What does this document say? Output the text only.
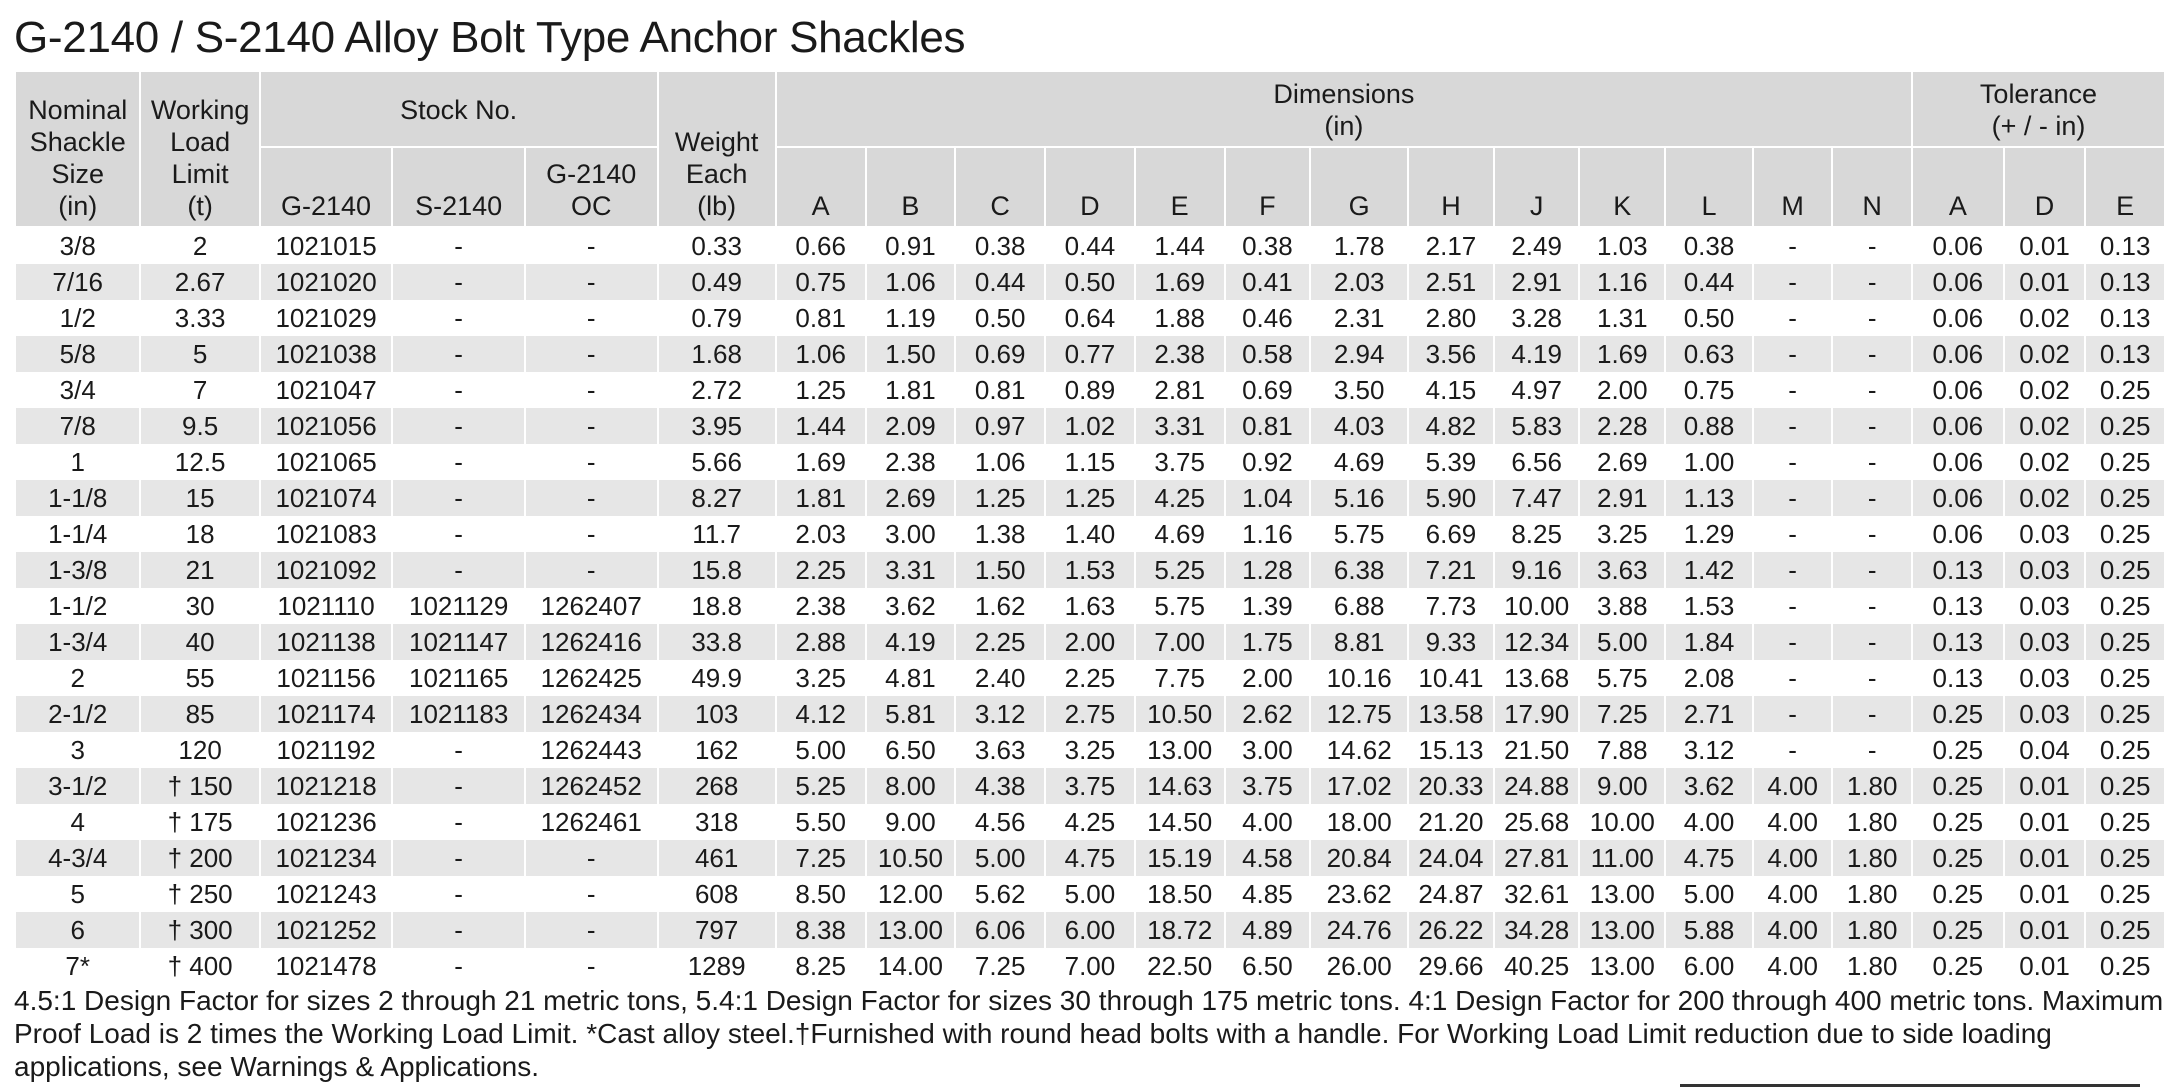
G-2140 / S-2140 Alloy Bolt Type Anchor Shackles
Nominal
Shackle
Size
(in)	Working
Load
Limit
(t)	Stock No.			Weight
Each
(lb)	Dimensions
(in)													Tolerance
(+ / - in)		
		G-2140	S-2140	G-2140
OC		A	B	C	D	E	F	G	H	J	K	L	M	N	A	D	E
3/8	2	1021015	-	-	0.33	0.66	0.91	0.38	0.44	1.44	0.38	1.78	2.17	2.49	1.03	0.38	-	-	0.06	0.01	0.13
7/16	2.67	1021020	-	-	0.49	0.75	1.06	0.44	0.50	1.69	0.41	2.03	2.51	2.91	1.16	0.44	-	-	0.06	0.01	0.13
1/2	3.33	1021029	-	-	0.79	0.81	1.19	0.50	0.64	1.88	0.46	2.31	2.80	3.28	1.31	0.50	-	-	0.06	0.02	0.13
5/8	5	1021038	-	-	1.68	1.06	1.50	0.69	0.77	2.38	0.58	2.94	3.56	4.19	1.69	0.63	-	-	0.06	0.02	0.13
3/4	7	1021047	-	-	2.72	1.25	1.81	0.81	0.89	2.81	0.69	3.50	4.15	4.97	2.00	0.75	-	-	0.06	0.02	0.25
7/8	9.5	1021056	-	-	3.95	1.44	2.09	0.97	1.02	3.31	0.81	4.03	4.82	5.83	2.28	0.88	-	-	0.06	0.02	0.25
1	12.5	1021065	-	-	5.66	1.69	2.38	1.06	1.15	3.75	0.92	4.69	5.39	6.56	2.69	1.00	-	-	0.06	0.02	0.25
1-1/8	15	1021074	-	-	8.27	1.81	2.69	1.25	1.25	4.25	1.04	5.16	5.90	7.47	2.91	1.13	-	-	0.06	0.02	0.25
1-1/4	18	1021083	-	-	11.7	2.03	3.00	1.38	1.40	4.69	1.16	5.75	6.69	8.25	3.25	1.29	-	-	0.06	0.03	0.25
1-3/8	21	1021092	-	-	15.8	2.25	3.31	1.50	1.53	5.25	1.28	6.38	7.21	9.16	3.63	1.42	-	-	0.13	0.03	0.25
1-1/2	30	1021110	1021129	1262407	18.8	2.38	3.62	1.62	1.63	5.75	1.39	6.88	7.73	10.00	3.88	1.53	-	-	0.13	0.03	0.25
1-3/4	40	1021138	1021147	1262416	33.8	2.88	4.19	2.25	2.00	7.00	1.75	8.81	9.33	12.34	5.00	1.84	-	-	0.13	0.03	0.25
2	55	1021156	1021165	1262425	49.9	3.25	4.81	2.40	2.25	7.75	2.00	10.16	10.41	13.68	5.75	2.08	-	-	0.13	0.03	0.25
2-1/2	85	1021174	1021183	1262434	103	4.12	5.81	3.12	2.75	10.50	2.62	12.75	13.58	17.90	7.25	2.71	-	-	0.25	0.03	0.25
3	120	1021192	-	1262443	162	5.00	6.50	3.63	3.25	13.00	3.00	14.62	15.13	21.50	7.88	3.12	-	-	0.25	0.04	0.25
3-1/2	† 150	1021218	-	1262452	268	5.25	8.00	4.38	3.75	14.63	3.75	17.02	20.33	24.88	9.00	3.62	4.00	1.80	0.25	0.01	0.25
4	† 175	1021236	-	1262461	318	5.50	9.00	4.56	4.25	14.50	4.00	18.00	21.20	25.68	10.00	4.00	4.00	1.80	0.25	0.01	0.25
4-3/4	† 200	1021234	-	-	461	7.25	10.50	5.00	4.75	15.19	4.58	20.84	24.04	27.81	11.00	4.75	4.00	1.80	0.25	0.01	0.25
5	† 250	1021243	-	-	608	8.50	12.00	5.62	5.00	18.50	4.85	23.62	24.87	32.61	13.00	5.00	4.00	1.80	0.25	0.01	0.25
6	† 300	1021252	-	-	797	8.38	13.00	6.06	6.00	18.72	4.89	24.76	26.22	34.28	13.00	5.88	4.00	1.80	0.25	0.01	0.25
7*	† 400	1021478	-	-	1289	8.25	14.00	7.25	7.00	22.50	6.50	26.00	29.66	40.25	13.00	6.00	4.00	1.80	0.25	0.01	0.25

4.5:1 Design Factor for sizes 2 through 21 metric tons, 5.4:1 Design Factor for sizes 30 through 175 metric tons. 4:1 Design Factor for 200 through 400 metric tons. Maximum Proof Load is 2 times the Working Load Limit. *Cast alloy steel.†Furnished with round head bolts with a handle. For Working Load Limit reduction due to side loading applications, see Warnings & Applications.
